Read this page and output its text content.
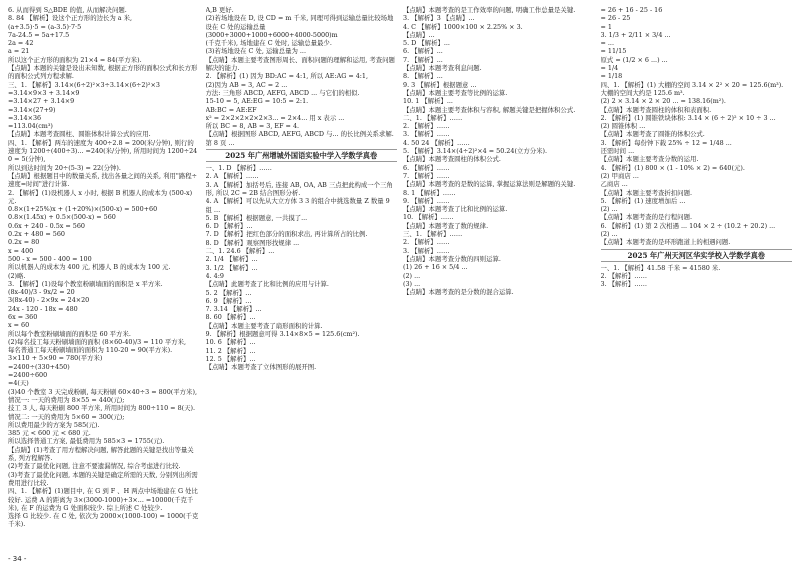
6. 从而得到 S△BDE 的值, 从而解决问题.

8. 84 【解析】设这个正方形的边长为 a 米,

(a+3.5)·5 = (a-3.5)·7·5

7a-24.5 = 5a+17.5

2a = 42

a = 21

所以这个正方形的面积为 21×4 = 84(平方米).

【点睛】本题的关键是设出未知数, 根据正方形的面积公式和长方形的面积公式列方程求解.

三、1. 【解析】3.14×(6÷2)²×3÷3.14×(6÷2)²×3

=3.14×9×3 + 3.14×9

=3.14×27 + 3.14×9

=3.14×(27+9)

=3.14×36

=113.04(cm³)

【点睛】本题考查圆柱、圆锥体积计算公式的应用.

四、1. 【解析】两车的速度为 400÷2.8 = 200(米/分钟), 则行的速度为 1200÷(400÷3)... =240(米/分钟), 所用时间为 1200÷240 = 5(分钟),

所以到达时间为 20÷(5-3) = 22(分钟).

【点睛】根据题目中的数量关系, 找出各量之间的关系, 利用"路程÷速度=时间"进行计算.

2. 【解析】(1)设机器人 x 小时, 根据 B 机器人的成本为 (500-x) 元.

0.8×(1+25%)x + (1+20%)×(500-x) = 500+60

0.8×(1.45x) + 0.5×(500-x) = 560

0.6x + 240 - 0.5x = 560

0.2x + 480 = 560

0.2x = 80

x = 400

500 - x = 500 - 400 = 100

所以机器人的成本为 400 元, 机器人 B 的成本为 100 元.

(2)略.

3. 【解析】(1)设每个教室粉刷墙面的面积是 x 平方米.

(8x-40)/3 - 9x/2 = 20

3(8x-40) - 2×9x = 24×20

24x - 120 - 18x = 480

6x = 360

x = 60

所以每个教室粉刷墙面的面积是 60 平方米.

(2)每名技工每天粉刷墙面的面积 (8×60-40)/3 = 110 平方米,

每名普通工每天粉刷墙面的面积为 110-20 = 90(平方米).

3×110 + 5×90 = 780(平方米)

=2400÷(330+450)

=2400÷600

=4(天)

(3)40 个教室 3 天完成粉刷, 每天粉刷 60×40÷3 = 800(平方米),

情况一: 一天的费用为 8×55 = 440(元);

技工 3 人, 每天粉刷 800 平方米, 所用时间为 800÷110 = 8(天).

情况二: 一天的费用为 5×60 = 300(元);

所以费用最少的方案为 585(元).

385 元 < 600 元 < 680 元.

所以选择普通工方案, 最低费用为 585×3 = 1755(元).

【点睛】(1)考查了用方程解决问题, 解答此题的关键是找出等量关系, 列方程解答.

(2)考查了最优化问题, 注意不要遗漏情况, 综合考虑进行比较.

(3)考查了最优化问题, 本题的关键是确定所需的天数, 分别列出所需费用进行比较.

四、1. 【解析】(1)题目中, 在 G 到 F 、H 两点中场地建在 G 处比较好. 运费 A 的距离为 3×(3000-1000)+3×... =10000(千克千米), 在 F 的运费为 G 处面积较少. 综上所述 C 处较少.

选择 G 比较少. 在 C 处, 依次为 2000×(1000-100) = 1000(千克千米).

A,B 更好.

(2)若场地设在 D, 设 CD = m 千米, 同理可得到运输总量比较场地设在 C 处的运输总量

(3000+3000+1000+6000+4000-5000)m

(千克千米), 场地建在 C 处时, 运输总量最少.

(3)若场地设在 C 处, 运输总量为 ...

【点睛】本题主要考查图形周长、面积问题的理解和运用, 考查问题解决的能力.

2. 【解析】(1) 因为 BD:AC = 4:1, 所以 AE:AG = 4:1,

(2)因为 AB = 3, AC = 2 ...

方法: 三角形 ABCD, AEFG, ABCD ... 与它们的相似.

15-10 = 5, AE:EG = 10:5 = 2:1.

AB:BC = AE:EF

x² = 2×2×2×2×2×3... = 2×4... 用 x 表示 ...

所以 BC = 8, AB = 3, EF = 4.

【点睛】根据图形 ABCD, AEFG, ABCD 与... 的长比例关系求解.

第 8 页 ...

2025 年广州增城外国语实验中学入学数学真卷

一、1. D 【解析】……

2. A 【解析】……

3. A 【解析】加括号后, 连接 AB, OA, AB 三点把此构成一个三角形, 所以 2C = 2B 结合图形分析.

4. A 【解析】可以先从大立方体 3 3 的组合中挑选数量 Z 数量 9 组 …

5. B 【解析】根据题意, 一共摸了...

6. D 【解析】...

7. D 【解析】把红色部分的面积求出, 再计算所占的比例.

8. D 【解析】观察图形找规律 ...

二、1. 24.6 【解析】...

2. 1/4 【解析】...

3. 1/2 【解析】...

4. 4:9

【点睛】此题考查了比和比例的应用与计算.

5. 2 【解析】...

6. 9 【解析】...

7. 3.14 【解析】...

8. 60 【解析】...

【点睛】本题主要考查了扇形面积的计算.

9. 【解析】根据题意可得 3.14×8×5 = 125.6(cm²).

10. 6 【解析】...

11. 2 【解析】...

12. 5 【解析】...

【点睛】本题考查了立体图形的展开图.

【点睛】本题考查的是工作效率的问题, 明确工作总量是关键.

3. 【解析】3 【点睛】...

4. C 【解析】1000×100 × 2.25% × 3.

【点睛】...

5. D 【解析】...

6. 【解析】...

7. 【解析】...

【点睛】本题考查利息问题.

8. 【解析】...

9. 3 【解析】根据题意 ...

【点睛】本题主要考查等比例的运算.

10. 1 【解析】...

【点睛】本题主要考查体积与容积, 解题关键是把握体积公式.

二、1. 【解析】……

2. 【解析】……

3. 【解析】……

4. 50 24 【解析】……

5. 【解析】3.14×(4÷2)²×4 = 50.24(立方分米).

【点睛】本题考查圆柱的体积公式.

6. 【解析】……

7. 【解析】……

【点睛】本题考查的是数的运算, 掌握运算法则是解题的关键.

8. 1 【解析】……

9. 【解析】……

【点睛】本题考查了比和比例的运算.

10. 【解析】……

【点睛】本题考查了数的规律.

三、1. 【解析】……

2. 【解析】……

3. 【解析】……

【点睛】本题考查分数的四则运算.

(1) 26 + 16 × 5/4 ...

(2) ...

(3) ...

【点睛】本题考查的是分数的混合运算.

= 26 + 16 - 25 - 16

= 26 - 25

= 1

3. 1/3 + 2/11 × 3/4 ...

= ...

= 11/15

原式 = (1/2 × 6 ...) ...

= 1/4

= 1/18

四、1. 【解析】(1) 大棚的空间 3.14 × 2² × 20 = 125.6(m³).

大棚的空间大约是 125.6 m³.

(2) 2 × 3.14 × 2 × 20 ... = 138.16(m²).

【点睛】本题考查圆柱的体积和表面积.

2. 【解析】(1) 圆锥铁块体积: 3.14 × (6 ÷ 2)² × 10 ÷ 3 ...

(2) 圆锥体积 ...

【点睛】本题考查了圆锥的体积公式.

3. 【解析】每份钟下载 25% ÷ 12 = 1/48 ...

还需时间 ...

【点睛】本题主要考查分数的运用.

4. 【解析】(1) 800 × (1 - 10% × 2) = 640(元).

(2) 甲商店 ...

乙商店 ...

【点睛】本题主要考查折扣问题.

5. 【解析】(1) 速度增加后 ...

(2) ...

【点睛】本题考查的是行程问题.

6. 【解析】(1) 第 2 次相遇 ... 104 × 2 ÷ (10.2 + 20.2) ...

(2) ...

【点睛】本题考查的是环形跑道上的相遇问题.

2025 年广州天河区华实学校入学数学真卷

一、1. 【解析】41.58 千米 = 41580 米.

2. 【解析】……

3. 【解析】……

- 34 -
